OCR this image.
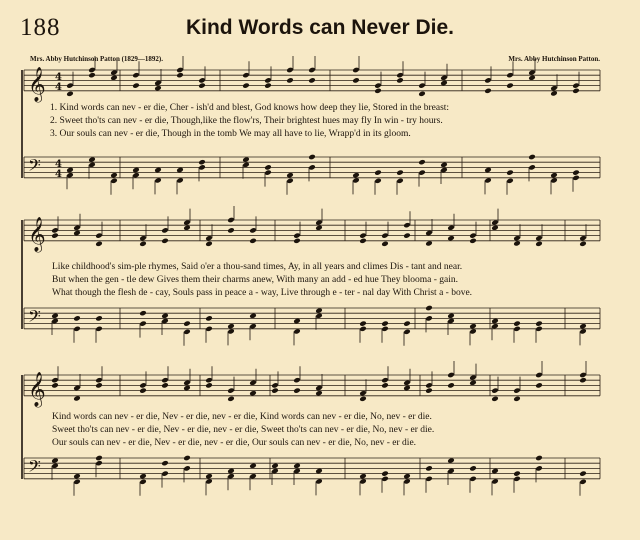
𝄞 4
4
𝄢 4
4
𝄞
𝄢
𝄞
𝄢
188	Kind Words can Never Die.
Mrs. Abby Hutchinson Patton (1829—1892).	Mrs. Abby Hutchinson Patton.
1. Kind words can nev - er die, Cher - ish'd and blest, God knows how deep they lie, Stored in the breast:
2. Sweet tho'ts can nev - er die, Though,like the flow'rs, Their brightest hues may fly In win - try hours.
3. Our souls can nev - er die, Though in the tomb We may all have to lie, Wrapp'd in its gloom.
Like childhood's sim-ple rhymes, Said o'er a thou-sand times, Ay, in all years and climes Dis - tant and near.
But when the gen - tle dew Gives them their charms anew, With many an add - ed hue They blooma - gain.
What though the flesh de - cay, Souls pass in peace a - way, Live through e - ter - nal day With Christ a - bove.
Kind words can nev - er die, Nev - er die, nev - er die, Kind words can nev - er die, No, nev - er die.
Sweet tho'ts can nev - er die, Nev - er die, nev - er die, Sweet tho'ts can nev - er die, No, nev - er die.
Our souls can nev - er die, Nev - er die, nev - er die, Our souls can nev - er die, No, nev - er die.
